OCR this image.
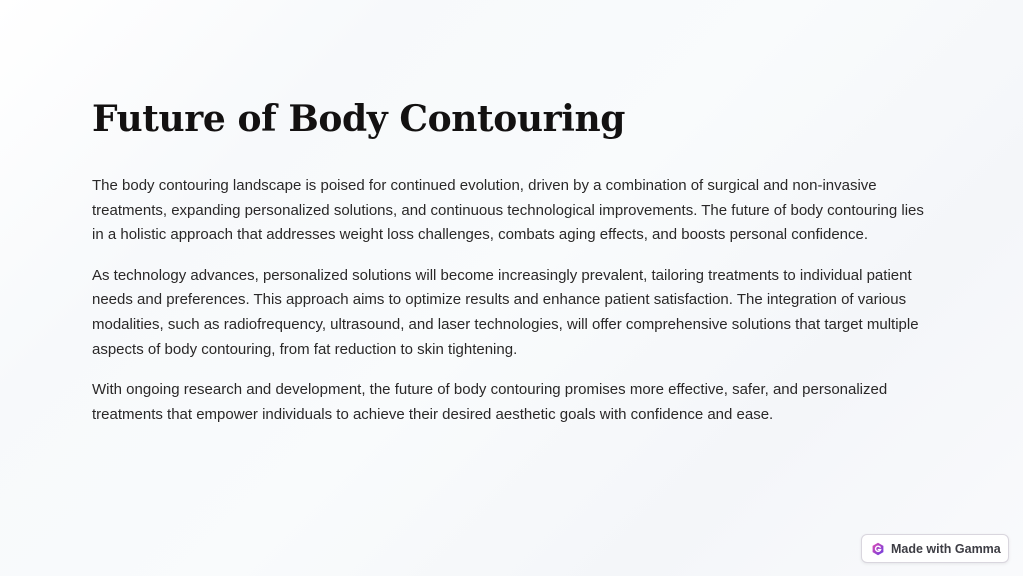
Future of Body Contouring

The body contouring landscape is poised for continued evolution, driven by a combination of surgical and non-invasive treatments, expanding personalized solutions, and continuous technological improvements. The future of body contouring lies in a holistic approach that addresses weight loss challenges, combats aging effects, and boosts personal confidence.

As technology advances, personalized solutions will become increasingly prevalent, tailoring treatments to individual patient needs and preferences. This approach aims to optimize results and enhance patient satisfaction. The integration of various modalities, such as radiofrequency, ultrasound, and laser technologies, will offer comprehensive solutions that target multiple aspects of body contouring, from fat reduction to skin tightening.

With ongoing research and development, the future of body contouring promises more effective, safer, and personalized treatments that empower individuals to achieve their desired aesthetic goals with confidence and ease.

Made with Gamma
